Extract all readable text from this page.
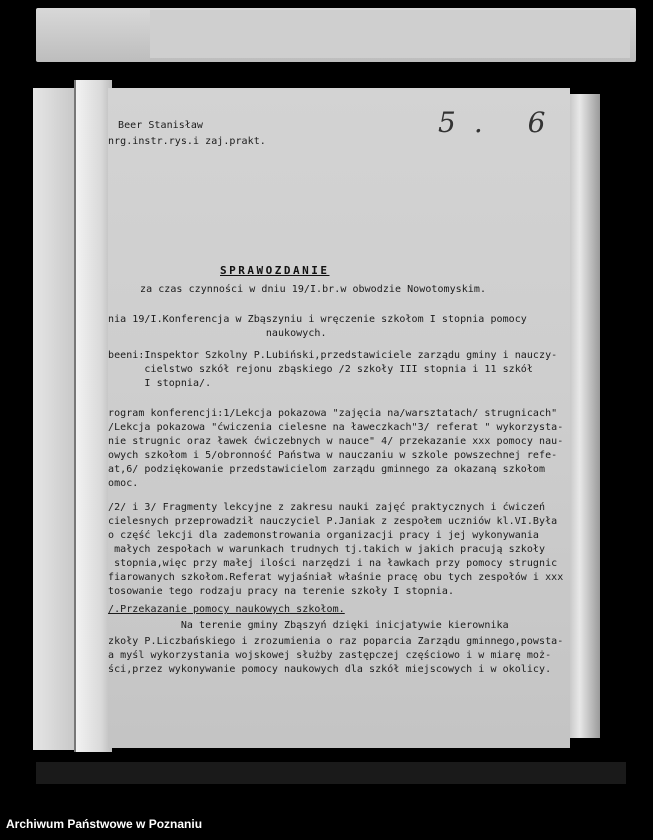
Beer Stanisław
nrg.instr.rys.i zaj.prakt.
5. 6
SPRAWOZDANIE
za czas czynności w dniu 19/I.br.w obwodzie Nowotomyskim.
nia 19/I.Konferencja w Zbąszyniu i wręczenie szkołom I stopnia pomocy
naukowych.
beeni:Inspektor Szkolny P.Lubiński,przedstawiciele zarządu gminy i nauczy-
cielstwo szkół rejonu zbąskiego /2 szkoły III stopnia i 11 szkół
I stopnia/.
rogram konferencji:1/Lekcja pokazowa "zajęcia na/warsztatach/ strugnicach"
/Lekcja pokazowa "ćwiczenia cielesne na ławeczkach"3/ referat " wykorzysta-
nie strugnic oraz ławek ćwiczebnych w nauce" 4/ przekazanie xxx pomocy nau-
owych szkołom i 5/obronność Państwa w nauczaniu w szkole powszechnej refe-
at,6/ podziękowanie przedstawicielom zarządu gminnego za okazaną szkołom
omoc.
/2/ i 3/ Fragmenty lekcyjne z zakresu nauki zajęć praktycznych i ćwiczeń
cielesnych przeprowadził nauczyciel P.Janiak z zespołem uczniów kl.VI.Była
o część lekcji dla zademonstrowania organizacji pracy i jej wykonywania
małych zespołach w warunkach trudnych tj.takich w jakich pracują szkoły
stopnia,więc przy małej ilości narzędzi i na ławkach przy pomocy strugnic
fiarowanych szkołom.Referat wyjaśniał właśnie pracę obu tych zespołów i xxx
tosowanie tego rodzaju pracy na terenie szkoły I stopnia.
/.Przekazanie pomocy naukowych szkołom.
Na terenie gminy Zbąszyń dzięki inicjatywie kierownika
zkoły P.Liczbańskiego i zrozumienia o raz poparcia Zarządu gminnego,powsta-
a myśl wykorzystania wojskowej służby zastępczej częściowo i w miarę moż-
ści,przez wykonywanie pomocy naukowych dla szkół miejscowych i w okolicy.
Archiwum Państwowe w Poznaniu
